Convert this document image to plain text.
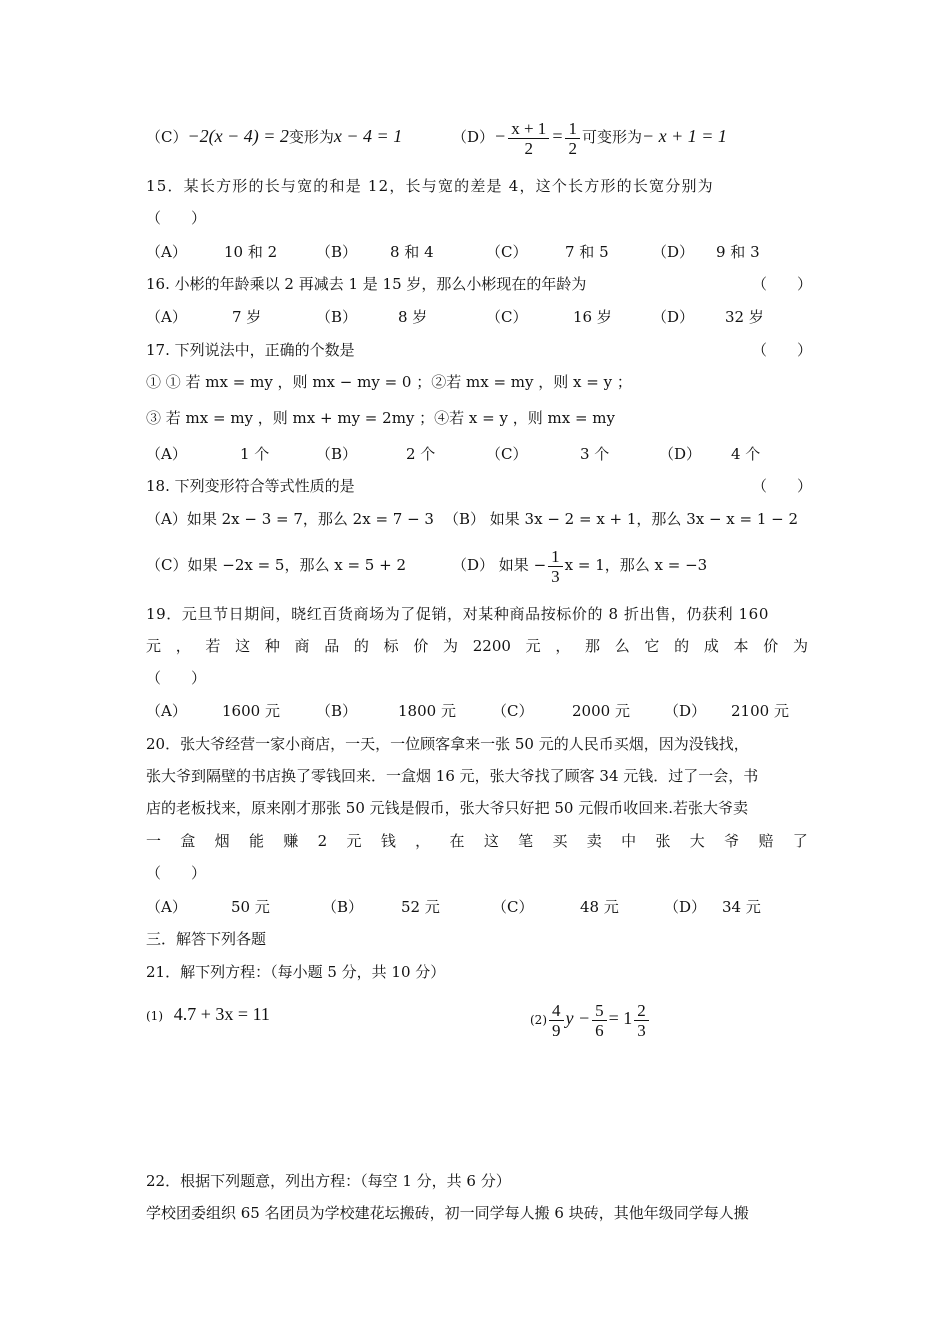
（C）−2(x − 4) = 2变形为x − 4 = 1	$(D)- \frac{x + 1}{2} = \frac{1}{2}$ 可变形为− x + 1 = 1
15．某长方形的长与宽的和是 12，长与宽的差是 4，这个长方形的长宽分别为
（　　）
（A） 10 和 2	（B） 8 和 4	（C）	7 和 5	（D） 9 和 3
16. 小彬的年龄乘以 2 再减去 1 是 15 岁，那么小彬现在的年龄为	（　　）
（A）	7 岁	（B）	8 岁	（C）	16 岁	（D） 32 岁
17. 下列说法中，正确的个数是	（　　）
① ① 若 mx = my ，则 mx − my = 0 ；②若 mx = my ，则 x = y ；
③ 若 mx = my ，则 mx + my = 2my ；④若 x = y ，则 mx = my
（A）	1 个	（B）	2 个	（C）	3 个	（D） 4 个
18. 下列变形符合等式性质的是	（　　）
（A）如果 2x − 3 = 7，那么 2x = 7 − 3 （B） 如果 3x − 2 = x + 1，那么 3x − x = 1 − 2
（C）如果 −2x = 5，那么 x = 5 + 2	（D） 如果 − $\frac{1}{3}$ x = 1，那么 x = −3
19．元旦节日期间，晓红百货商场为了促销，对某种商品按标价的 8 折出售，仍获利 160
元 ， 若 这 种 商 品 的 标 价 为 2200 元 ， 那 么 它 的 成 本 价 为
（　　）
（A） 1600 元 （B）	1800 元 （C）	2000 元 （D） 2100 元
20．张大爷经营一家小商店，一天，一位顾客拿来一张 50 元的人民币买烟，因为没钱找，
张大爷到隔壁的书店换了零钱回来．一盒烟 16 元，张大爷找了顾客 34 元钱．过了一会，书
店的老板找来，原来刚才那张 50 元钱是假币，张大爷只好把 50 元假币收回来.若张大爷卖
一 盒 烟 能 赚 2 元 钱 ， 在 这 笔 买 卖 中 张 大 爷 赔 了
（　　）
（A）	50 元	（B）	52 元	（C）	48 元	（D） 34 元
三．解答下列各题
21．解下列方程：（每小题 5 分，共 10 分）
(1) 4.7 + 3x = 11	$(2) \frac{4}{9}$ $y - \frac{5}{6} = 1 \frac{2}{3}$
22．根据下列题意，列出方程：（每空 1 分，共 6 分）
学校团委组织 65 名团员为学校建花坛搬砖，初一同学每人搬 6 块砖，其他年级同学每人搬
